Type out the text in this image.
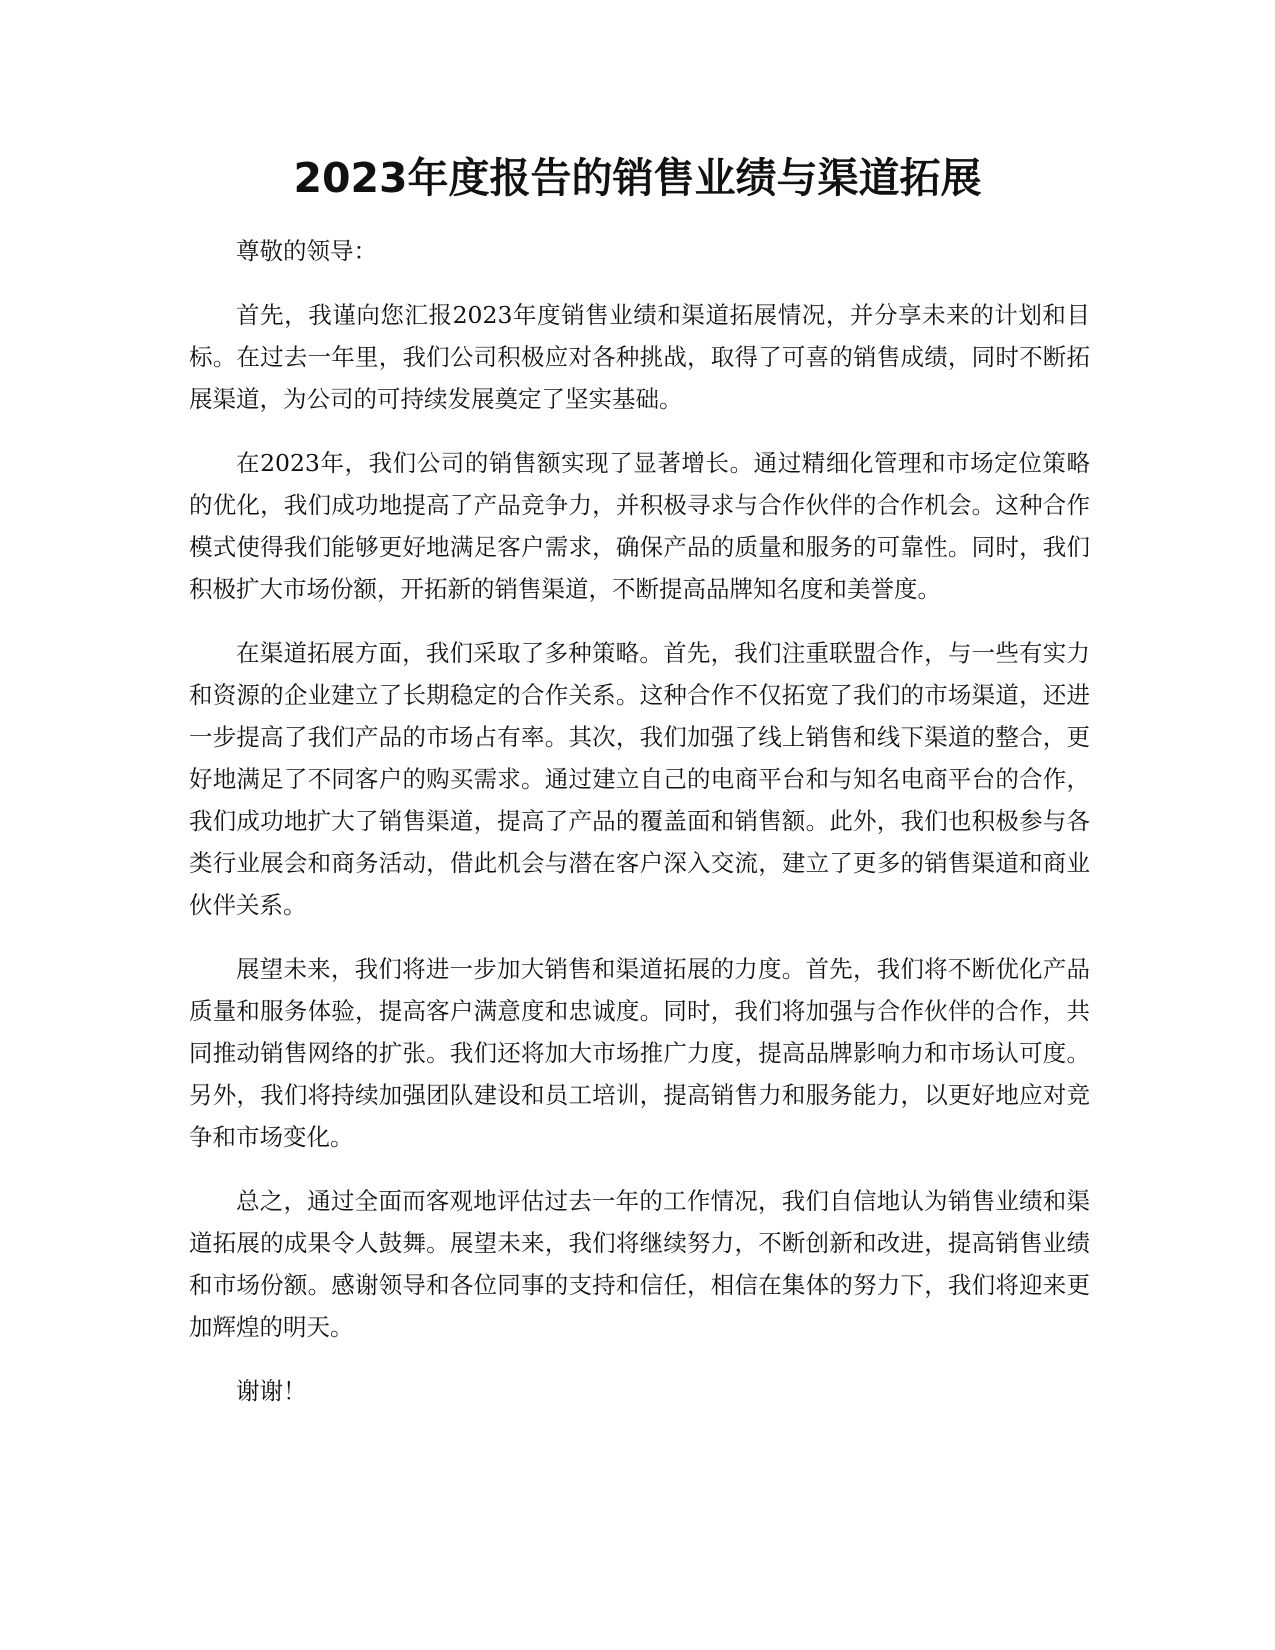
2023年度报告的销售业绩与渠道拓展

尊敬的领导：

首先，我谨向您汇报2023年度销售业绩和渠道拓展情况，并分享未来的计划和目标。在过去一年里，我们公司积极应对各种挑战，取得了可喜的销售成绩，同时不断拓展渠道，为公司的可持续发展奠定了坚实基础。

在2023年，我们公司的销售额实现了显著增长。通过精细化管理和市场定位策略的优化，我们成功地提高了产品竞争力，并积极寻求与合作伙伴的合作机会。这种合作模式使得我们能够更好地满足客户需求，确保产品的质量和服务的可靠性。同时，我们积极扩大市场份额，开拓新的销售渠道，不断提高品牌知名度和美誉度。

在渠道拓展方面，我们采取了多种策略。首先，我们注重联盟合作，与一些有实力和资源的企业建立了长期稳定的合作关系。这种合作不仅拓宽了我们的市场渠道，还进一步提高了我们产品的市场占有率。其次，我们加强了线上销售和线下渠道的整合，更好地满足了不同客户的购买需求。通过建立自己的电商平台和与知名电商平台的合作，我们成功地扩大了销售渠道，提高了产品的覆盖面和销售额。此外，我们也积极参与各类行业展会和商务活动，借此机会与潜在客户深入交流，建立了更多的销售渠道和商业伙伴关系。

展望未来，我们将进一步加大销售和渠道拓展的力度。首先，我们将不断优化产品质量和服务体验，提高客户满意度和忠诚度。同时，我们将加强与合作伙伴的合作，共同推动销售网络的扩张。我们还将加大市场推广力度，提高品牌影响力和市场认可度。另外，我们将持续加强团队建设和员工培训，提高销售力和服务能力，以更好地应对竞争和市场变化。

总之，通过全面而客观地评估过去一年的工作情况，我们自信地认为销售业绩和渠道拓展的成果令人鼓舞。展望未来，我们将继续努力，不断创新和改进，提高销售业绩和市场份额。感谢领导和各位同事的支持和信任，相信在集体的努力下，我们将迎来更加辉煌的明天。

谢谢！
